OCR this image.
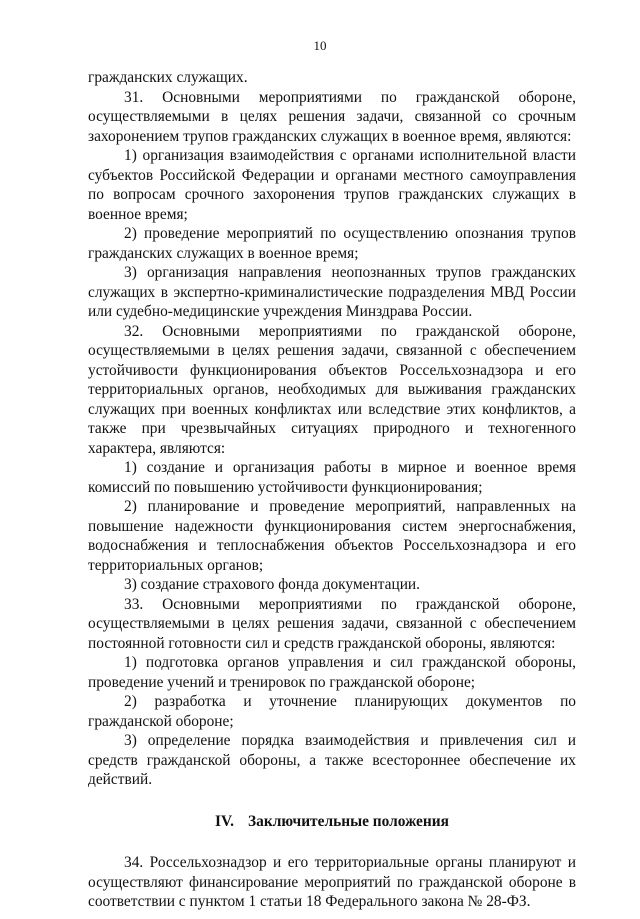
10

гражданских служащих.

31. Основными мероприятиями по гражданской обороне, осуществляемыми в целях решения задачи, связанной со срочным захоронением трупов гражданских служащих в военное время, являются:

1) организация взаимодействия с органами исполнительной власти субъектов Российской Федерации и органами местного самоуправления по вопросам срочного захоронения трупов гражданских служащих в военное время;

2) проведение мероприятий по осуществлению опознания трупов гражданских служащих в военное время;

3) организация направления неопознанных трупов гражданских служащих в экспертно-криминалистические подразделения МВД России или судебно-медицинские учреждения Минздрава России.

32. Основными мероприятиями по гражданской обороне, осуществляемыми в целях решения задачи, связанной с обеспечением устойчивости функционирования объектов Россельхознадзора и его территориальных органов, необходимых для выживания гражданских служащих при военных конфликтах или вследствие этих конфликтов, а также при чрезвычайных ситуациях природного и техногенного характера, являются:

1) создание и организация работы в мирное и военное время комиссий по повышению устойчивости функционирования;

2) планирование и проведение мероприятий, направленных на повышение надежности функционирования систем энергоснабжения, водоснабжения и теплоснабжения объектов Россельхознадзора и его территориальных органов;

3) создание страхового фонда документации.

33. Основными мероприятиями по гражданской обороне, осуществляемыми в целях решения задачи, связанной с обеспечением постоянной готовности сил и средств гражданской обороны, являются:

1) подготовка органов управления и сил гражданской обороны, проведение учений и тренировок по гражданской обороне;

2) разработка и уточнение планирующих документов по гражданской обороне;

3) определение порядка взаимодействия и привлечения сил и средств гражданской обороны, а также всестороннее обеспечение их действий.

IV. Заключительные положения

34. Россельхознадзор и его территориальные органы планируют и осуществляют финансирование мероприятий по гражданской обороне в соответствии с пунктом 1 статьи 18 Федерального закона № 28-ФЗ.
